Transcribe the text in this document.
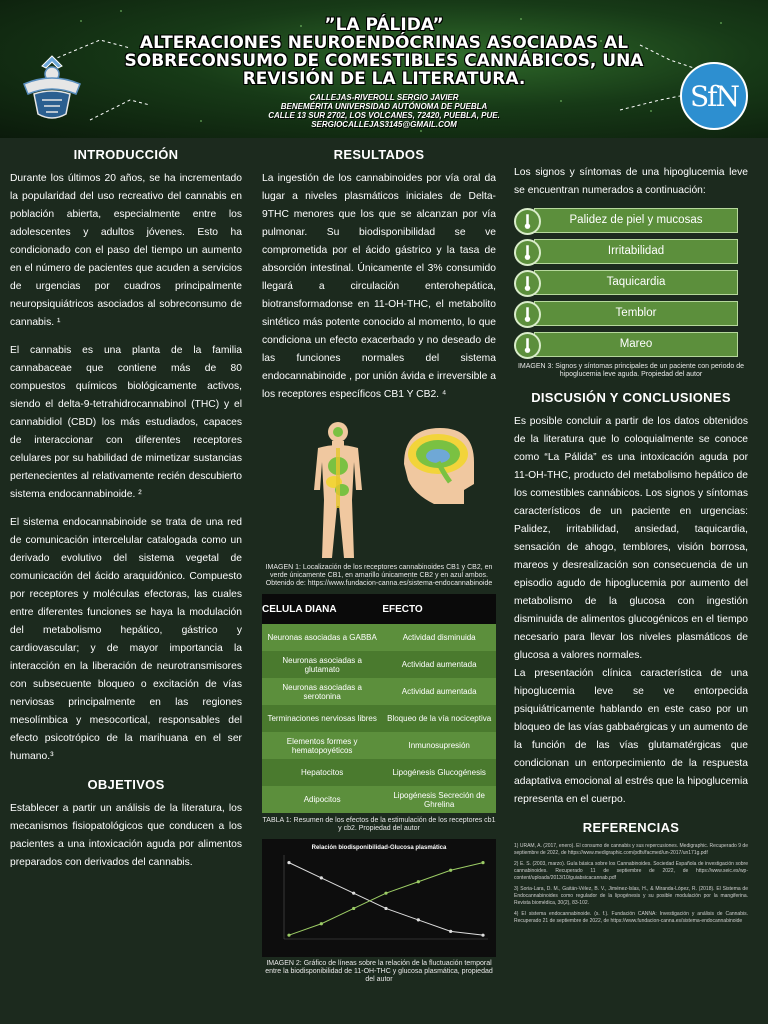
”LA PÁLIDA”
ALTERACIONES NEUROENDÓCRINAS ASOCIADAS AL
SOBRECONSUMO DE COMESTIBLES CANNÁBICOS, UNA
REVISIÓN DE LA LITERATURA.
CALLEJAS-RIVEROLL SERGIO JAVIER
BENEMÉRITA UNIVERSIDAD AUTÓNOMA DE PUEBLA
CALLE 13 SUR 2702, LOS VOLCANES, 72420, PUEBLA, PUE.
SERGIOCALLEJAS3145@GMAIL.COM
SfN
INTRODUCCIÓN

Durante los últimos 20 años, se ha incrementado la popularidad del uso recreativo del cannabis en población abierta, especialmente entre los adolescentes y adultos jóvenes. Esto ha condicionado con el paso del tiempo un aumento en el número de pacientes que acuden a servicios de urgencias por cuadros principalmente neuropsiquiátricos asociados al sobreconsumo de cannabis. ¹

El cannabis es una planta de la familia cannabaceae que contiene más de 80 compuestos químicos biológicamente activos, siendo el delta-9-tetrahidrocannabinol (THC) y el cannabidiol (CBD) los más estudiados, capaces de interaccionar con diferentes receptores celulares por su habilidad de mimetizar sustancias pertenecientes al relativamente recién descubierto sistema endocannabinoide. ²

El sistema endocannabinoide se trata de una red de comunicación intercelular catalogada como un derivado evolutivo del sistema vegetal de comunicación del ácido araquidónico. Compuesto por receptores y moléculas efectoras, las cuales entre diferentes funciones se haya la modulación del metabolismo hepático, gástrico y cardiovascular; y de mayor importancia la interacción en la liberación de neurotransmisores con subsecuente bloqueo o excitación de vías nerviosas principalmente en las regiones mesolímbica y mesocortical, responsables del efecto psicotrópico de la marihuana en el ser humano.³

OBJETIVOS

Establecer a partir un análisis de la literatura, los mecanismos fisiopatológicos que conducen a los pacientes a una intoxicación aguda por alimentos preparados con derivados del cannabis.

RESULTADOS

La ingestión de los cannabinoides por vía oral da lugar a niveles plasmáticos iniciales de Delta-9THC menores que los que se alcanzan por vía pulmonar. Su biodisponibilidad se ve comprometida por el ácido gástrico y la tasa de absorción intestinal. Únicamente el 3% consumido llegará a circulación enterohepática, biotransformadonse en 11-OH-THC, el metabolito sintético más potente conocido al momento, lo que condiciona un efecto exacerbado y no deseado de las funciones normales del sistema endocannabinoide , por unión ávida e irreversible a los receptores específicos CB1 Y CB2. ⁴

IMAGEN 1: Localización de los receptores cannabinoides CB1 y CB2, en verde únicamente CB1, en amarillo únicamente CB2 y en azul ambos. Obtenido de: https://www.fundacion-canna.es/sistema-endocannabinoide
CELULA DIANA	EFECTO
Neuronas asociadas a GABBA	Actividad disminuida
Neuronas asociadas a glutamato	Actividad aumentada
Neuronas asociadas a serotonina	Actividad aumentada
Terminaciones nerviosas libres	Bloqueo de la vía nociceptiva
Elementos formes y hematopoyéticos	Inmunosupresión
Hepatocitos	Lipogénesis Glucogénesis
Adipocitos	Lipogénesis Secreción de Ghrelina
TABLA 1: Resumen de los efectos de la estimulación de los receptores cb1 y cb2. Propiedad del autor
Relación biodisponibilidad-Glucosa plasmática
IMAGEN 2: Gráfico de líneas sobre la relación de la fluctuación temporal entre la biodisponibilidad de 11-OH-THC y glucosa plasmática, propiedad del autor

Los signos y síntomas de una hipoglucemia leve se encuentran numerados a continuación:

Palidez de piel y mucosas
Irritabilidad
Taquicardia
Temblor
Mareo
IMAGEN 3: Signos y síntomas principales de un paciente con periodo de hipoglucemia leve aguda. Propiedad del autor
DISCUSIÓN Y CONCLUSIONES

Es posible concluir a partir de los datos obtenidos de la literatura que lo coloquialmente se conoce como “La Pálida” es una intoxicación aguda por 11-OH-THC, producto del metabolismo hepático de los comestibles cannábicos. Los signos y síntomas característicos de un paciente en urgencias: Palidez, irritabilidad, ansiedad, taquicardia, sensación de ahogo, temblores, visión borrosa, mareos y desrealización son consecuencia de un episodio agudo de hipoglucemia por aumento del metabolismo de la glucosa con ingestión disminuida de alimentos glucogénicos en el tiempo necesario para llevar los niveles plasmáticos de glucosa a valores normales.

La presentación clínica característica de una hipoglucemia leve se ve entorpecida psiquiátricamente hablando en este caso por un bloqueo de las vías gabbaérgicas y un aumento de la función de las vías glutamatérgicas que condicionan un entorpecimiento de la respuesta adaptativa emocional al estrés que la hipoglucemia representa en el cuerpo.

REFERENCIAS

1) URAM, A. (2017, enero). El consumo de cannabis y sus repercusiones. Medigraphic. Recuperado 9 de septiembre de 2022, de https://www.medigraphic.com/pdfs/facmed/un-2017/un171g.pdf

2) E. S. (2003, marzo). Guía básica sobre los Cannabinoides. Sociedad Española de investigación sobre cannabinoides. Recuperado 11 de septiembre de 2022, de https://www.seic.es/wp-content/uploads/2013/10/guiabsicacannab.pdf

3) Soria-Lara, D. M., Gaitán-Vélez, B. V., Jiménez-Islas, H., & Miranda-López, R. (2018). El Sistema de Endocannabinoides como regulador de la lipogénesis y su posible modulación por la mangiferina. Revista biomédica, 30(2), 83-102.

4) El sistema endocannabinoide. (s. f.). Fundación CANNA: Investigación y análisis de Cannabis. Recuperado 21 de septiembre de 2022, de https://www.fundacion-canna.es/sistema-endocannabinoide
